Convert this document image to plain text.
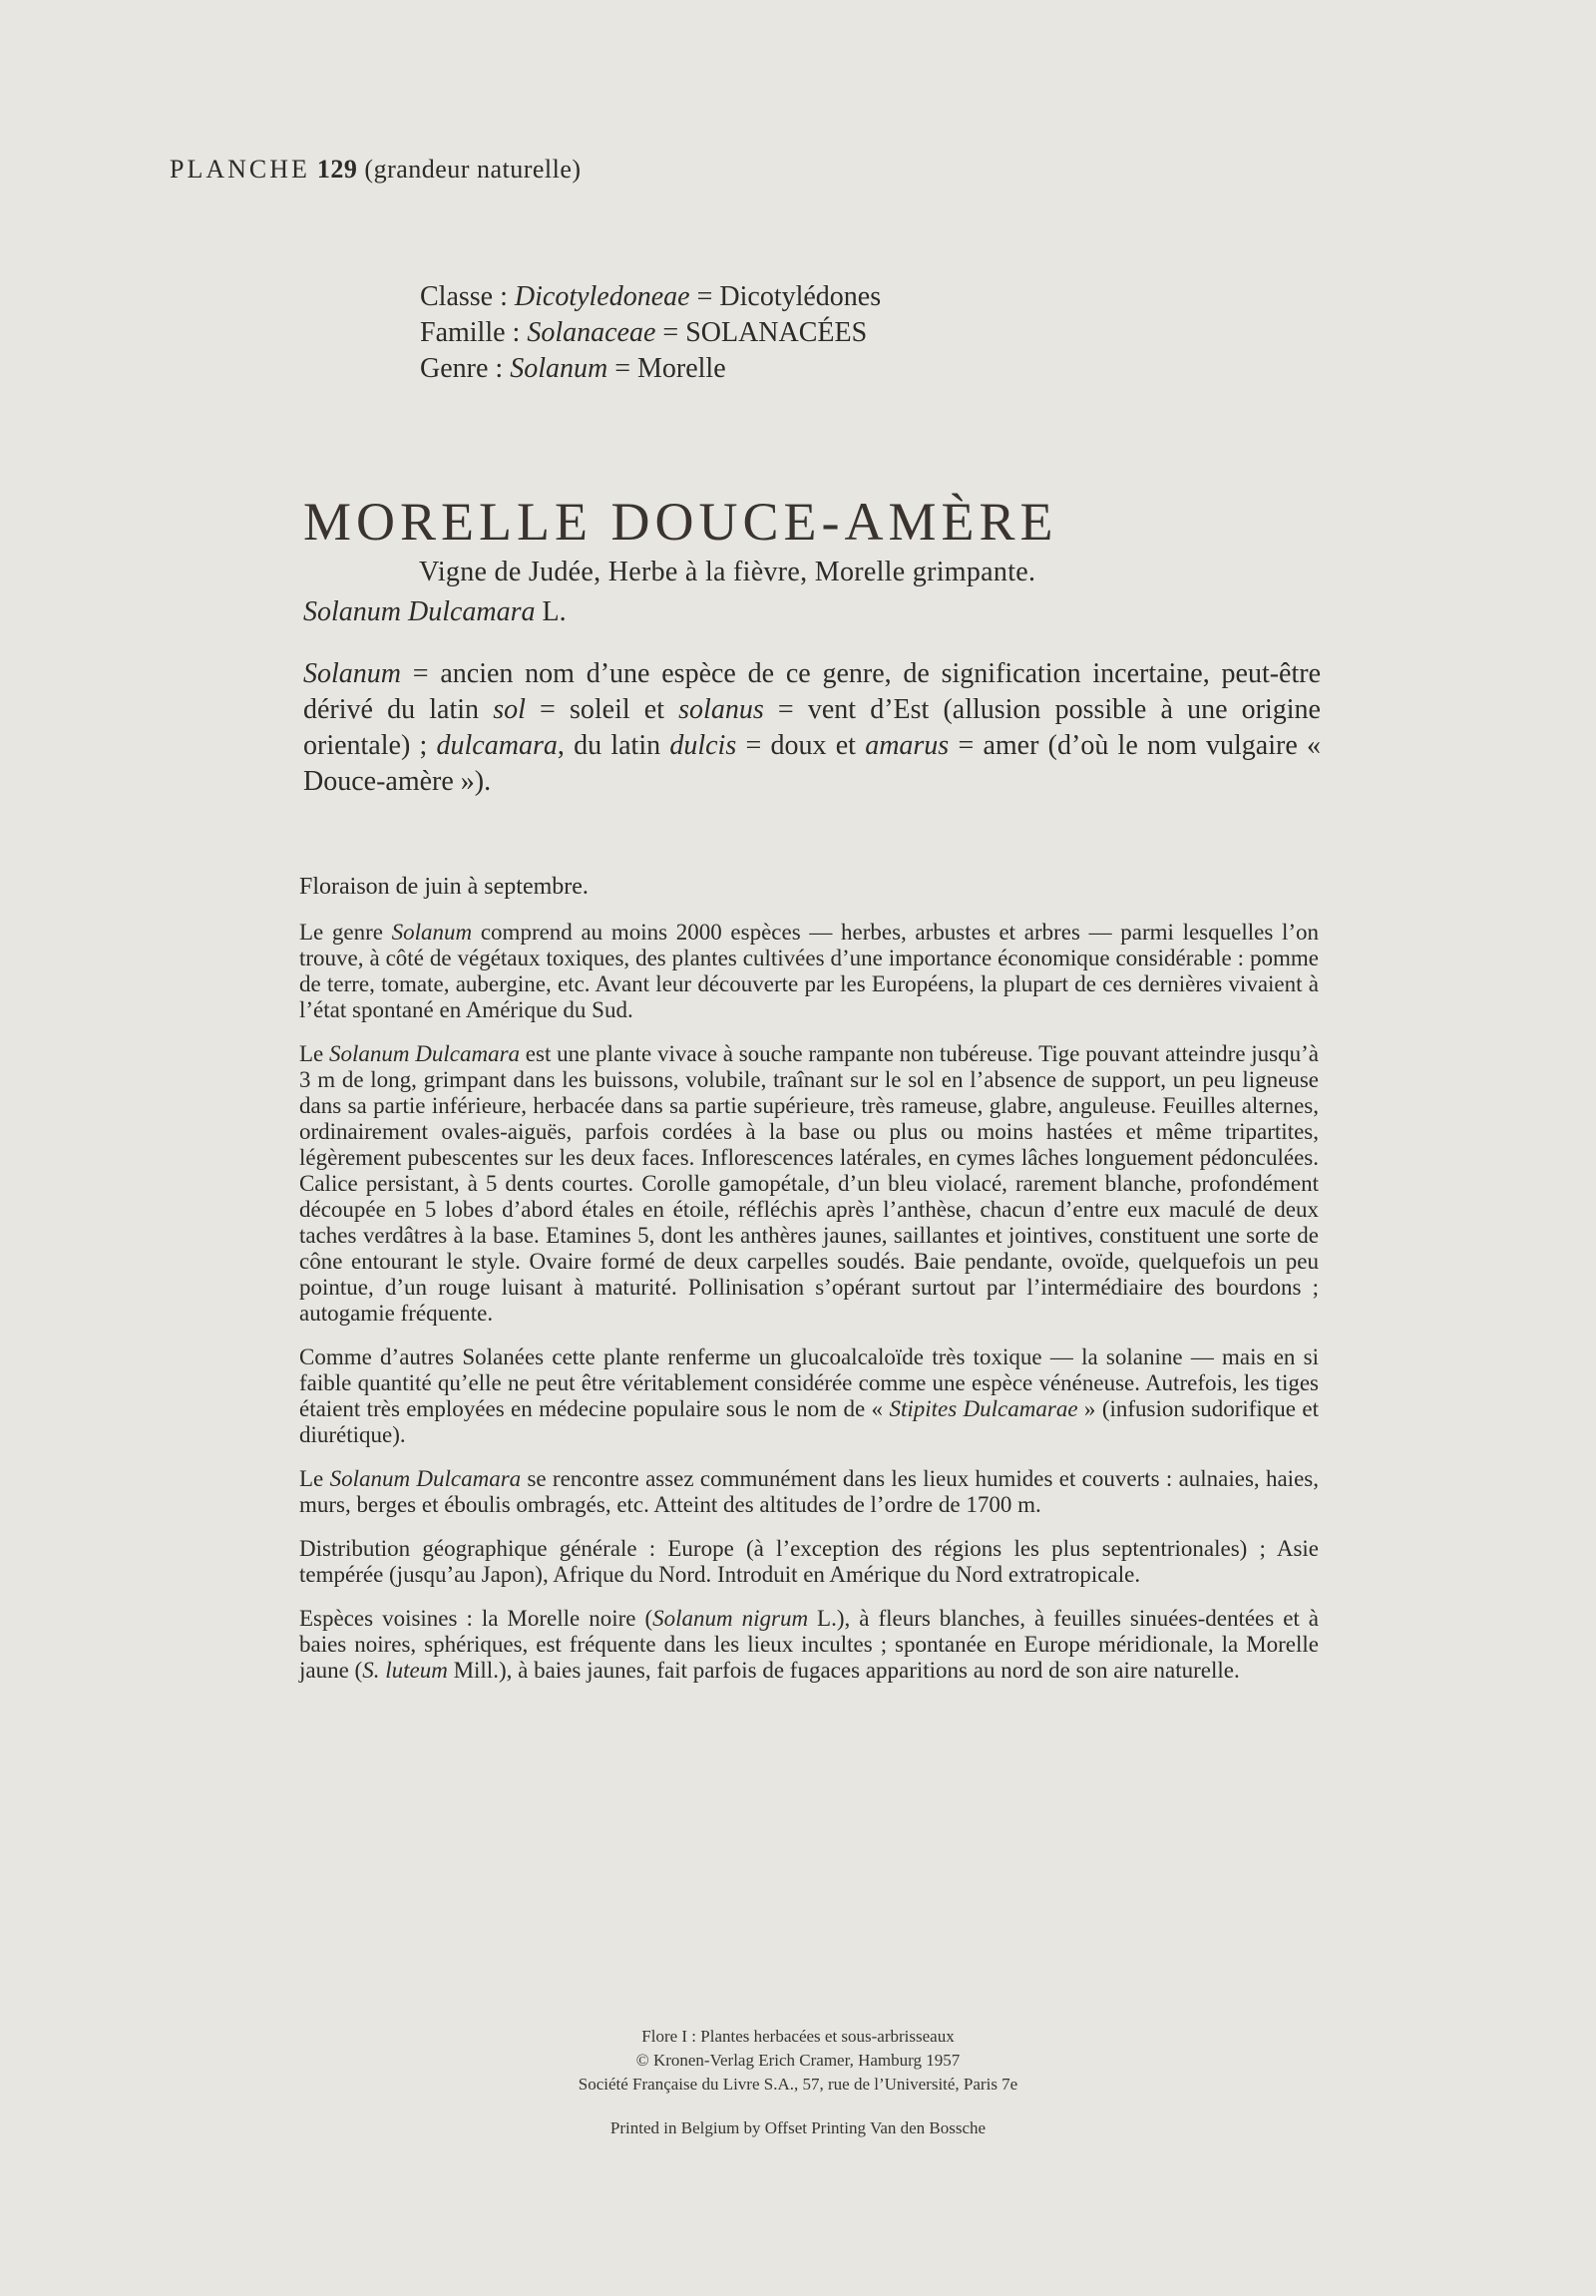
PLANCHE 129 (grandeur naturelle)
Classe : Dicotyledoneae = Dicotylédones
Famille : Solanaceae = SOLANACÉES
Genre : Solanum = Morelle
MORELLE DOUCE-AMÈRE
Vigne de Judée, Herbe à la fièvre, Morelle grimpante.
Solanum Dulcamara L.

Solanum = ancien nom d’une espèce de ce genre, de signification incertaine, peut-être dérivé du latin sol = soleil et solanus = vent d’Est (allusion possible à une origine orientale) ; dulcamara, du latin dulcis = doux et amarus = amer (d’où le nom vulgaire « Douce-amère »).

Floraison de juin à septembre.

Le genre Solanum comprend au moins 2000 espèces — herbes, arbustes et arbres — parmi lesquelles l’on trouve, à côté de végétaux toxiques, des plantes cultivées d’une importance économique considérable : pomme de terre, tomate, aubergine, etc. Avant leur découverte par les Européens, la plupart de ces dernières vivaient à l’état spontané en Amérique du Sud.

Le Solanum Dulcamara est une plante vivace à souche rampante non tubéreuse. Tige pouvant atteindre jusqu’à 3 m de long, grimpant dans les buissons, volubile, traînant sur le sol en l’absence de support, un peu ligneuse dans sa partie inférieure, herbacée dans sa partie supérieure, très rameuse, glabre, anguleuse. Feuilles alternes, ordinairement ovales-aiguës, parfois cordées à la base ou plus ou moins hastées et même tripartites, légèrement pubescentes sur les deux faces. Inflorescences latérales, en cymes lâches longuement pédonculées. Calice persistant, à 5 dents courtes. Corolle gamopétale, d’un bleu violacé, rarement blanche, profondément découpée en 5 lobes d’abord étales en étoile, réfléchis après l’anthèse, chacun d’entre eux maculé de deux taches verdâtres à la base. Etamines 5, dont les anthères jaunes, saillantes et jointives, constituent une sorte de cône entourant le style. Ovaire formé de deux carpelles soudés. Baie pendante, ovoïde, quelquefois un peu pointue, d’un rouge luisant à maturité. Pollinisation s’opérant surtout par l’intermédiaire des bourdons ; autogamie fréquente.

Comme d’autres Solanées cette plante renferme un glucoalcaloïde très toxique — la solanine — mais en si faible quantité qu’elle ne peut être véritablement considérée comme une espèce vénéneuse. Autrefois, les tiges étaient très employées en médecine populaire sous le nom de « Stipites Dulcamarae » (infusion sudorifique et diurétique).

Le Solanum Dulcamara se rencontre assez communément dans les lieux humides et couverts : aulnaies, haies, murs, berges et éboulis ombragés, etc. Atteint des altitudes de l’ordre de 1700 m.

Distribution géographique générale : Europe (à l’exception des régions les plus septentrionales) ; Asie tempérée (jusqu’au Japon), Afrique du Nord. Introduit en Amérique du Nord extratropicale.

Espèces voisines : la Morelle noire (Solanum nigrum L.), à fleurs blanches, à feuilles sinuées-dentées et à baies noires, sphériques, est fréquente dans les lieux incultes ; spontanée en Europe méridionale, la Morelle jaune (S. luteum Mill.), à baies jaunes, fait parfois de fugaces apparitions au nord de son aire naturelle.

Flore I : Plantes herbacées et sous-arbrisseaux
© Kronen-Verlag Erich Cramer, Hamburg 1957
Société Française du Livre S.A., 57, rue de l’Université, Paris 7e
Printed in Belgium by Offset Printing Van den Bossche
